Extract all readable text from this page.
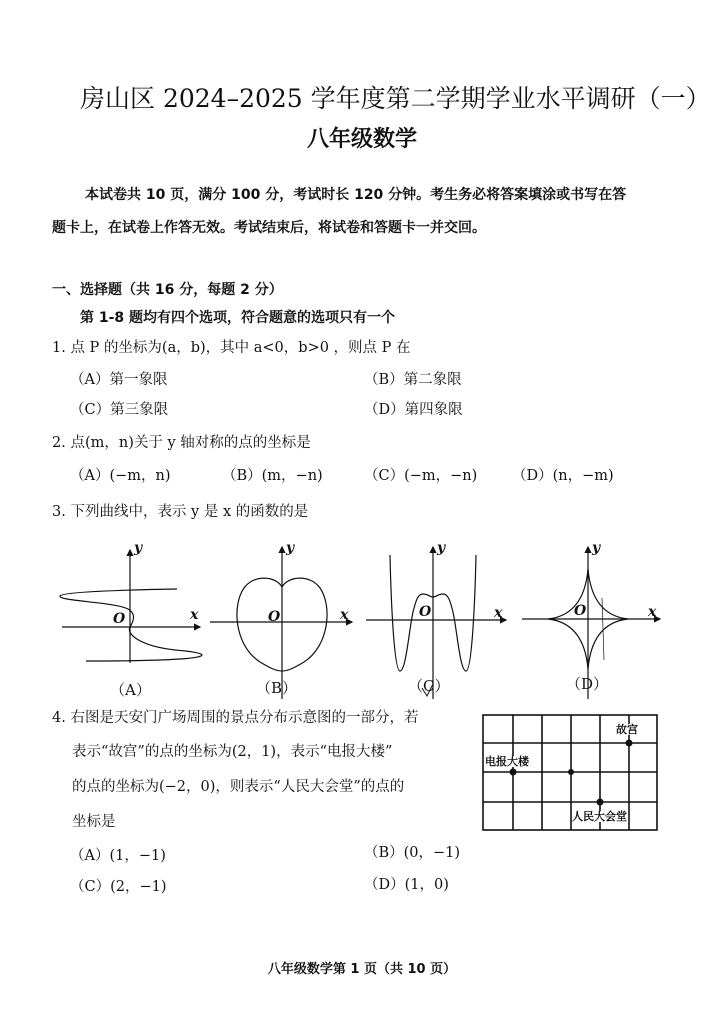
房山区 2024–2025 学年度第二学期学业水平调研（一）
八年级数学
本试卷共 10 页，满分 100 分，考试时长 120 分钟。考生务必将答案填涂或书写在答
题卡上，在试卷上作答无效。考试结束后，将试卷和答题卡一并交回。
一、选择题（共 16 分，每题 2 分）
第 1-8 题均有四个选项，符合题意的选项只有一个
1. 点 P 的坐标为(a，b)，其中 a<0，b>0 ，则点 P 在
（A）第一象限	（B）第二象限
（C）第三象限	（D）第四象限
2. 点(m，n)关于 y 轴对称的点的坐标是
（A）(−m，n)	（B）(m，−n)	（C）(−m，−n) （D）(n，−m)
3. 下列曲线中，表示 y 是 x 的函数的是
y
x
O
y
x
O
y
x
O
y
x
O
（A）	（B）	（C）	（D）
4. 右图是天安门广场周围的景点分布示意图的一部分，若
表示“故宫”的点的坐标为(2，1)，表示“电报大楼”
的点的坐标为(−2，0)，则表示“人民大会堂”的点的
坐标是
（A）(1，−1)	（B）(0，−1)
（C）(2，−1)	（D）(1，0)
故宫
电报大楼
人民大会堂
八年级数学第 1 页（共 10 页）
